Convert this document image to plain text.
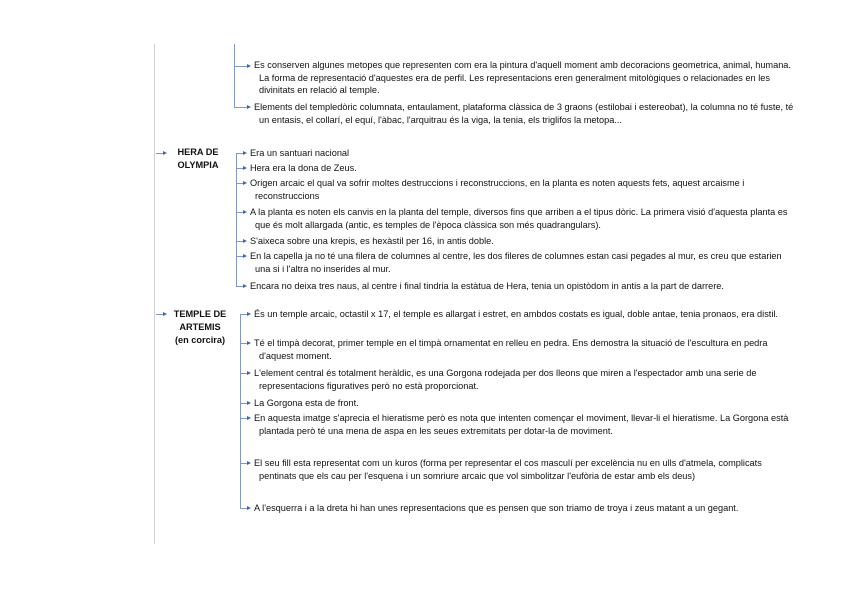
Es conserven algunes metopes que representen com era la pintura d'aquell moment amb decoracions geometrica, animal, humana. La forma de representació d'aquestes era de perfil. Les representacions eren generalment mitològiques o relacionades en les divinitats en relació al temple.
Elements del templedòric columnata, entaulament, plataforma clàssica de 3 graons (estilobai i estereobat), la columna no té fuste, té un entasis, el collarí, el equí, l'àbac, l'arquitrau és la viga, la tenia, els triglifos la metopa...
HERA DE
OLYMPIA
Era un santuari nacional
Hera era la dona de Zeus.
Origen arcaic el qual va sofrir moltes destruccions i reconstruccions, en la planta es noten aquests fets, aquest arcaisme i reconstruccions
A la planta es noten els canvis en la planta del temple, diversos fins que arriben a el tipus dòric. La primera visió d'aquesta planta es que és molt allargada (antic, es temples de l'època clàssica son més quadrangulars).
S'aixeca sobre una krepis, es hexàstil per 16, in antis doble.
En la capella ja no té una filera de columnes al centre, les dos fileres de columnes estan casi pegades al mur, es creu que estarien una si i l'altra no inserides al mur.
Encara no deixa tres naus, al centre i final tindria la estàtua de Hera, tenia un opistòdom in antis a la part de darrere.
TEMPLE DE
ARTEMIS
(en corcira)
És un temple arcaic, octastil x 17, el temple es allargat i estret, en ambdos costats es igual, doble antae, tenia pronaos, era distil.
Té el timpà decorat, primer temple en el timpà ornamentat en relleu en pedra. Ens demostra la situació de l'escultura en pedra d'aquest moment.
L'element central és totalment heràldic, es una Gorgona rodejada per dos lleons que miren a l'espectador amb una serie de representacions figuratives però no està proporcionat.
La Gorgona esta de front.
En aquesta imatge s'aprecia el hieratisme però es nota que intenten començar el moviment, llevar-li el hieratisme. La Gorgona està plantada però té una mena de aspa en les seues extremitats per dotar-la de moviment.
El seu fill esta representat com un kuros (forma per representar el cos masculí per excelència nu en ulls d'atmela, complicats pentinats que els cau per l'esquena i un somriure arcaic que vol simbolitzar l'eufòria de estar amb els deus)
A l'esquerra i a la dreta hi han unes representacions que es pensen que son triamo de troya i zeus matant a un gegant.
